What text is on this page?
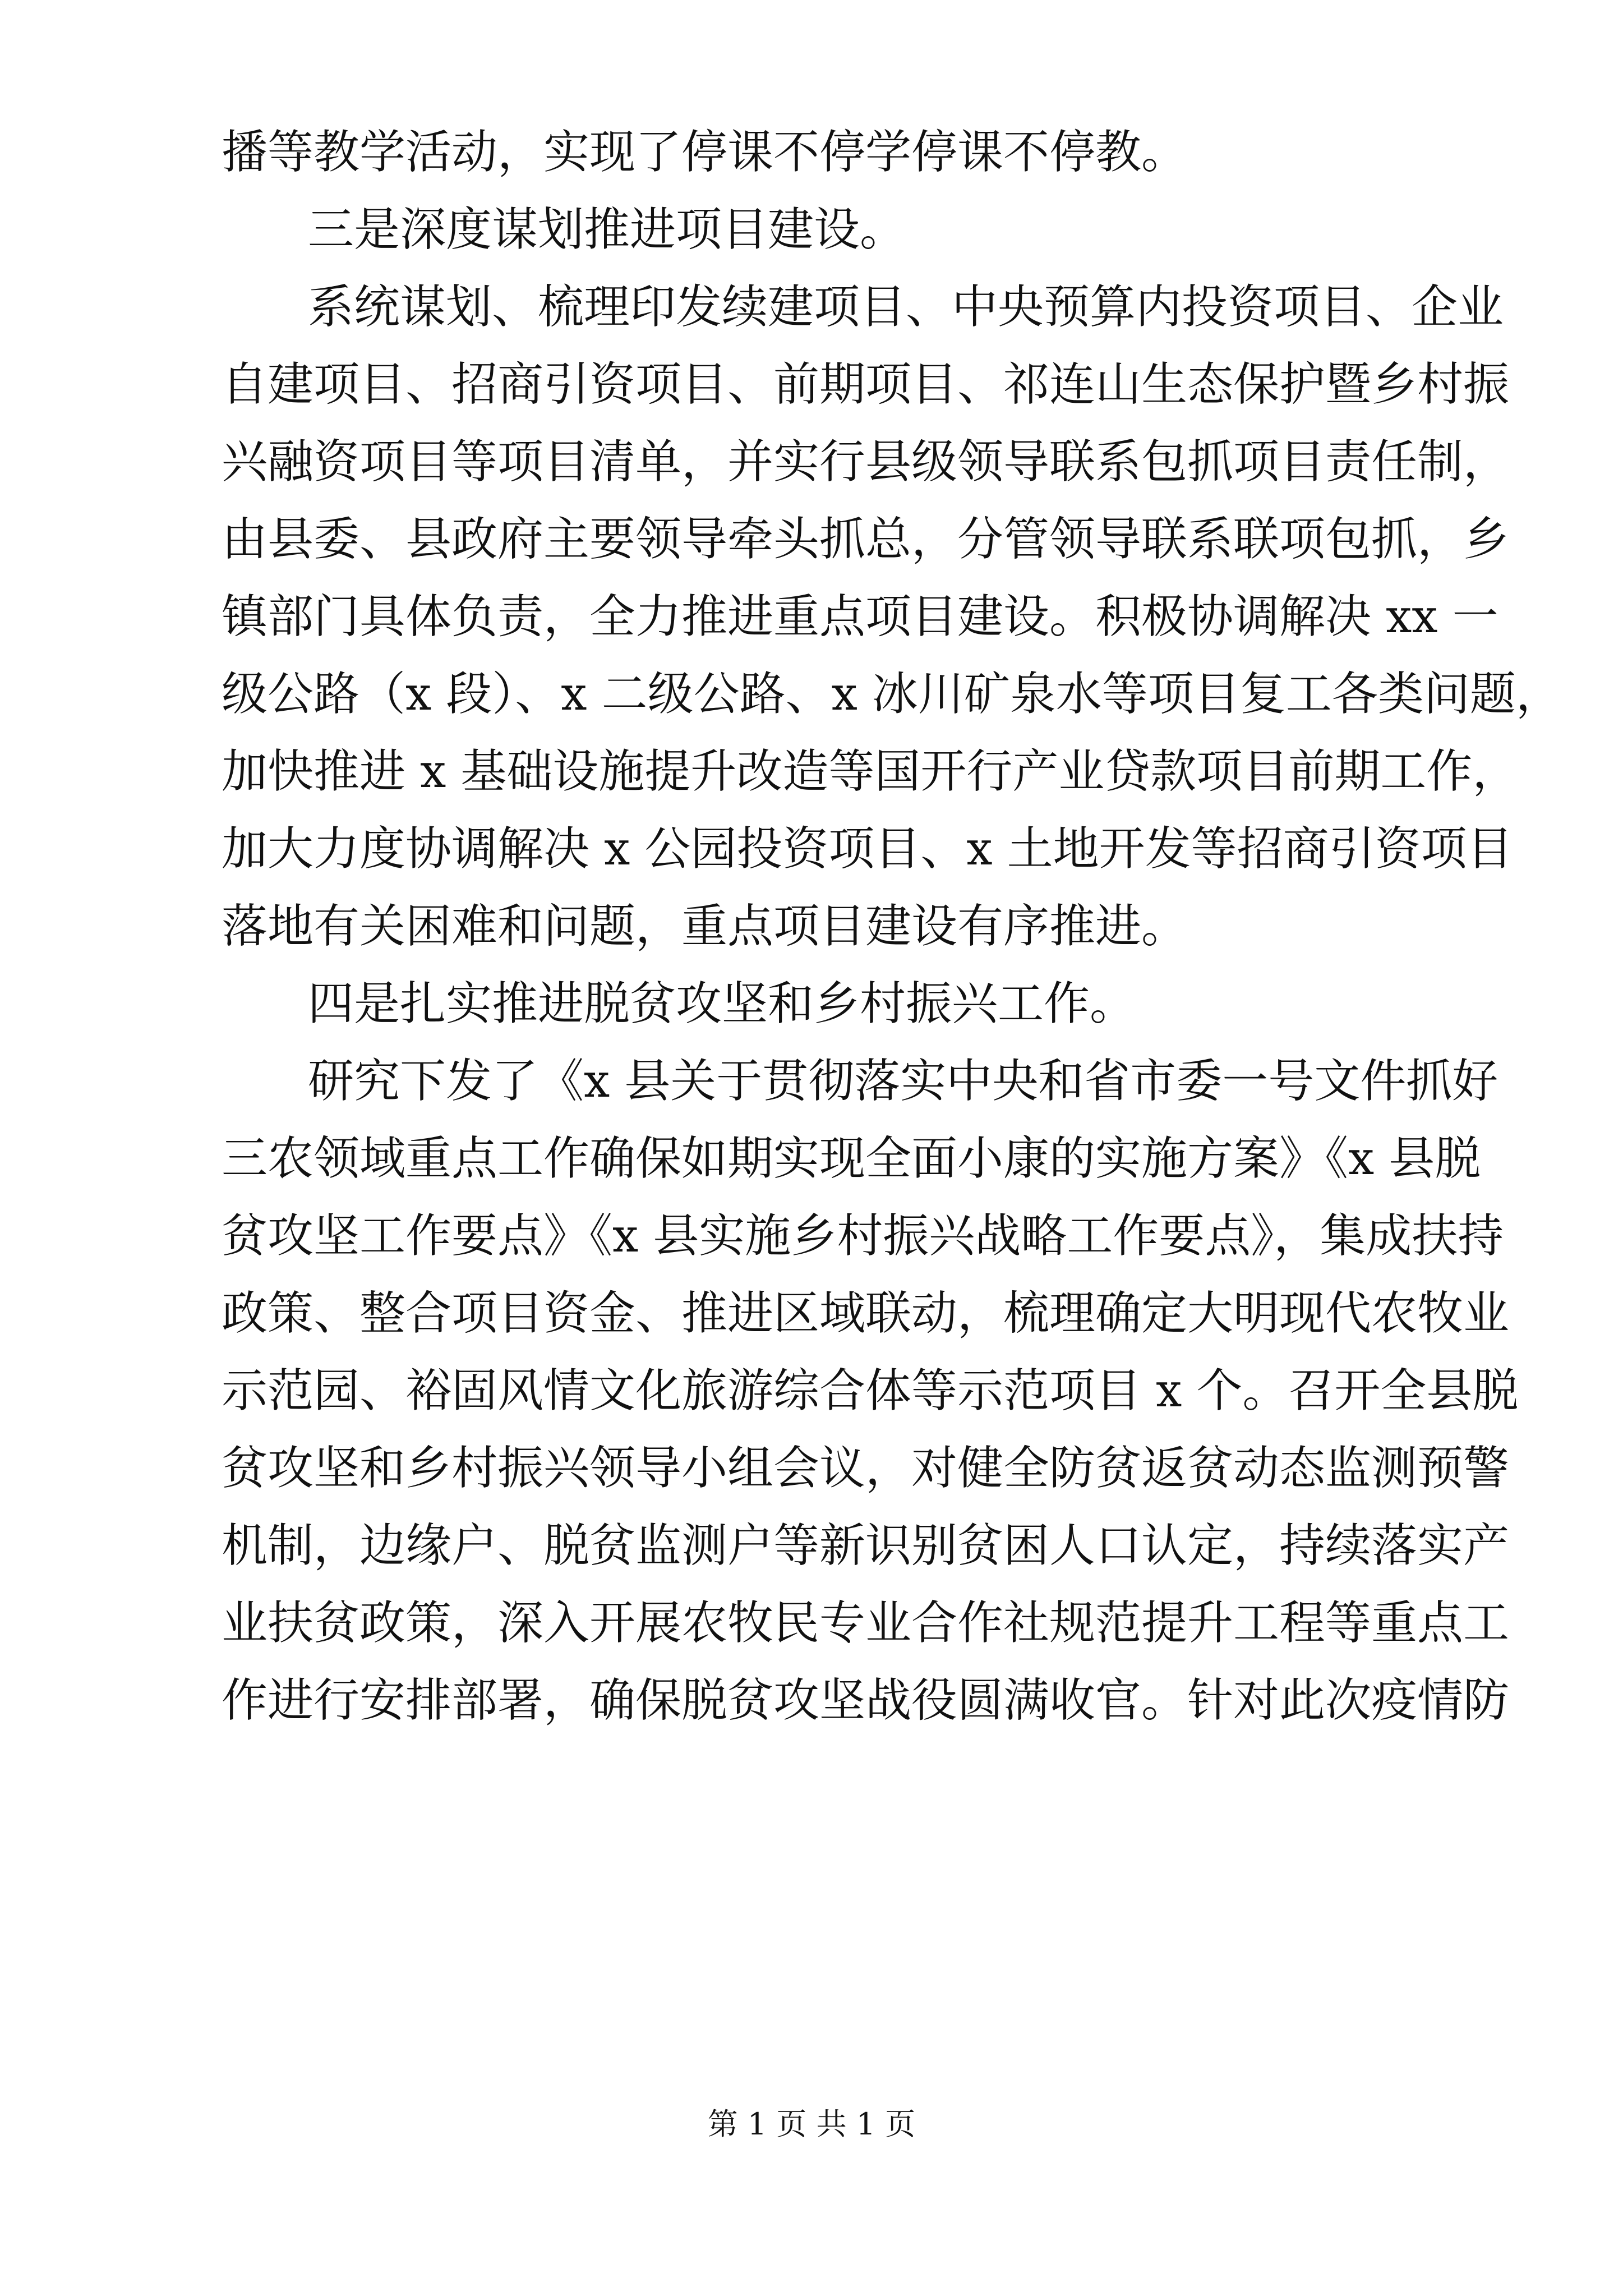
播等教学活动，实现了停课不停学停课不停教。
三是深度谋划推进项目建设。
系统谋划、梳理印发续建项目、中央预算内投资项目、企业
自建项目、招商引资项目、前期项目、祁连山生态保护暨乡村振
兴融资项目等项目清单，并实行县级领导联系包抓项目责任制，
由县委、县政府主要领导牵头抓总，分管领导联系联项包抓，乡
镇部门具体负责，全力推进重点项目建设。积极协调解决 xx 一
级公路（x 段）、x 二级公路、x 冰川矿泉水等项目复工各类问题，
加快推进 x 基础设施提升改造等国开行产业贷款项目前期工作，
加大力度协调解决 x 公园投资项目、x 土地开发等招商引资项目
落地有关困难和问题，重点项目建设有序推进。
四是扎实推进脱贫攻坚和乡村振兴工作。
研究下发了《x 县关于贯彻落实中央和省市委一号文件抓好
三农领域重点工作确保如期实现全面小康的实施方案》《x 县脱
贫攻坚工作要点》《x 县实施乡村振兴战略工作要点》，集成扶持
政策、整合项目资金、推进区域联动，梳理确定大明现代农牧业
示范园、裕固风情文化旅游综合体等示范项目 x 个。召开全县脱
贫攻坚和乡村振兴领导小组会议，对健全防贫返贫动态监测预警
机制，边缘户、脱贫监测户等新识别贫困人口认定，持续落实产
业扶贫政策，深入开展农牧民专业合作社规范提升工程等重点工
作进行安排部署，确保脱贫攻坚战役圆满收官。针对此次疫情防
第 1 页 共 1 页
